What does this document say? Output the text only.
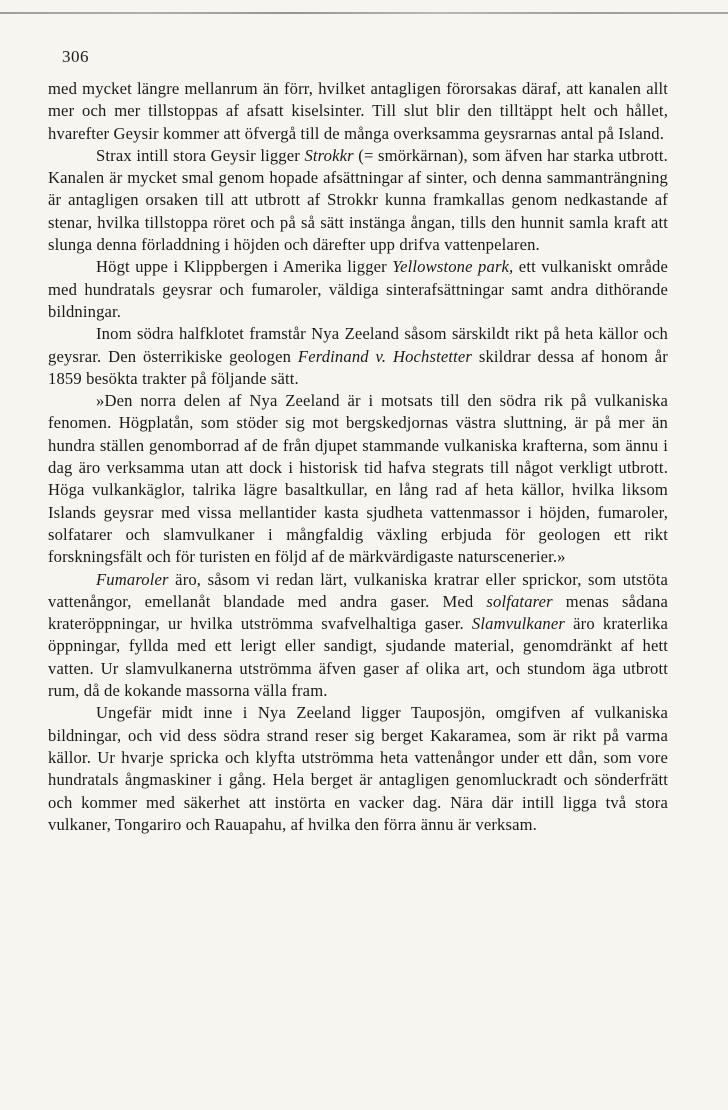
306

med mycket längre mellanrum än förr, hvilket antagligen förorsakas däraf, att kanalen allt mer och mer tillstoppas af afsatt kiselsinter. Till slut blir den tilltäppt helt och hållet, hvarefter Geysir kommer att öfvergå till de många overksamma geysrarnas antal på Island.

Strax intill stora Geysir ligger Strokkr (= smörkärnan), som äfven har starka utbrott. Kanalen är mycket smal genom hopade afsättningar af sinter, och denna sammanträngning är antagligen orsaken till att utbrott af Strokkr kunna framkallas genom nedkastande af stenar, hvilka tillstoppa röret och på så sätt instänga ångan, tills den hunnit samla kraft att slunga denna förladdning i höjden och därefter upp drifva vattenpelaren.

Högt uppe i Klippbergen i Amerika ligger Yellowstone park, ett vulkaniskt område med hundratals geysrar och fumaroler, väldiga sinterafsättningar samt andra dithörande bildningar.

Inom södra halfklotet framstår Nya Zeeland såsom särskildt rikt på heta källor och geysrar. Den österrikiske geologen Ferdinand v. Hochstetter skildrar dessa af honom år 1859 besökta trakter på följande sätt.

»Den norra delen af Nya Zeeland är i motsats till den södra rik på vulkaniska fenomen. Högplatån, som stöder sig mot bergskedjornas västra sluttning, är på mer än hundra ställen genomborrad af de från djupet stammande vulkaniska krafterna, som ännu i dag äro verksamma utan att dock i historisk tid hafva stegrats till något verkligt utbrott. Höga vulkankäglor, talrika lägre basaltkullar, en lång rad af heta källor, hvilka liksom Islands geysrar med vissa mellantider kasta sjudheta vattenmassor i höjden, fumaroler, solfatarer och slamvulkaner i mångfaldig växling erbjuda för geologen ett rikt forskningsfält och för turisten en följd af de märkvärdigaste naturscenerier.»

Fumaroler äro, såsom vi redan lärt, vulkaniska kratrar eller sprickor, som utstöta vattenångor, emellanåt blandade med andra gaser. Med solfatarer menas sådana krateröppningar, ur hvilka utströmma svafvelhaltiga gaser. Slamvulkaner äro kraterlika öppningar, fyllda med ett lerigt eller sandigt, sjudande material, genomdränkt af hett vatten. Ur slamvulkanerna utströmma äfven gaser af olika art, och stundom äga utbrott rum, då de kokande massorna välla fram.

Ungefär midt inne i Nya Zeeland ligger Tauposjön, omgifven af vulkaniska bildningar, och vid dess södra strand reser sig berget Kakaramea, som är rikt på varma källor. Ur hvarje spricka och klyfta utströmma heta vattenångor under ett dån, som vore hundratals ångmaskiner i gång. Hela berget är antagligen genomluckradt och sönderfrätt och kommer med säkerhet att instörta en vacker dag. Nära där intill ligga två stora vulkaner, Tongariro och Rauapahu, af hvilka den förra ännu är verksam.
